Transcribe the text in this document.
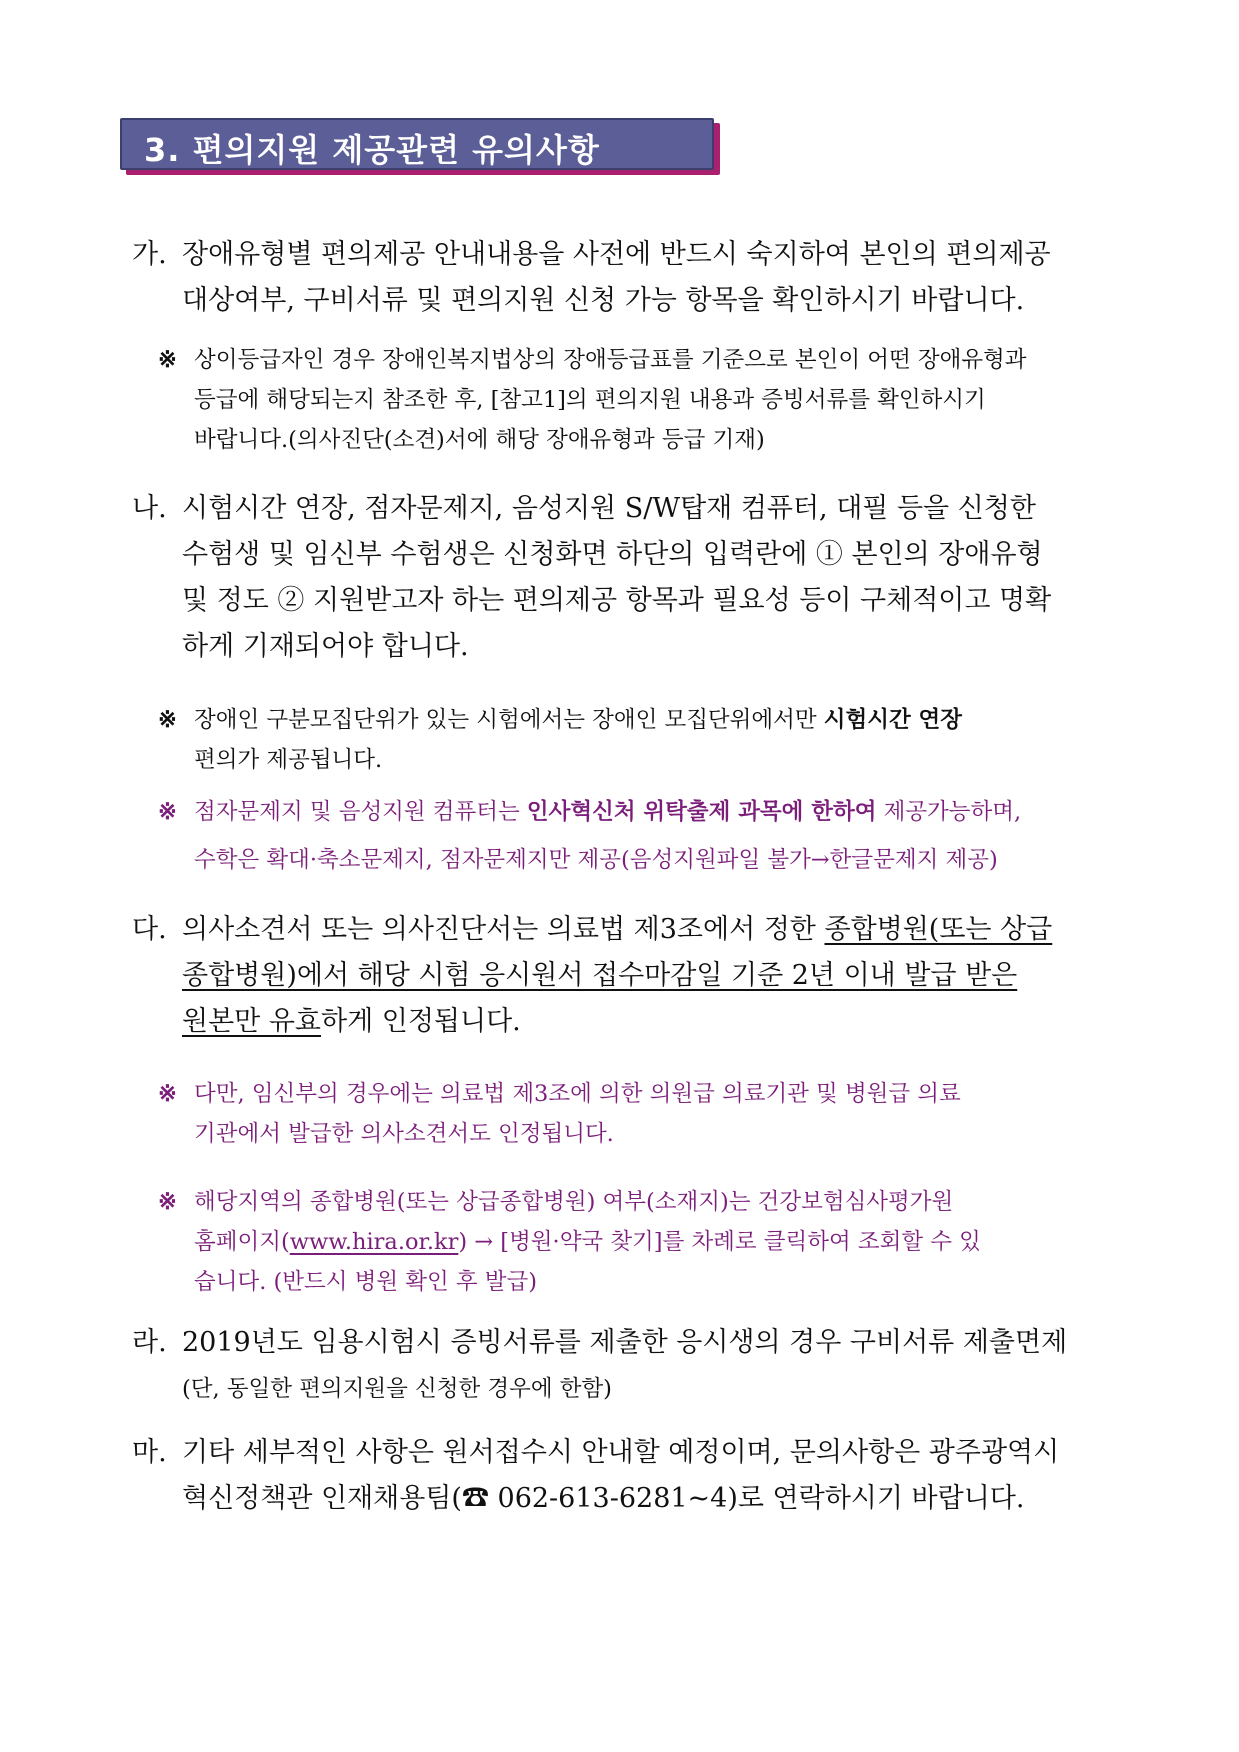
3. 편의지원 제공관련 유의사항
가. 장애유형별 편의제공 안내내용을 사전에 반드시 숙지하여 본인의 편의제공
대상여부, 구비서류 및 편의지원 신청 가능 항목을 확인하시기 바랍니다.
※ 상이등급자인 경우 장애인복지법상의 장애등급표를 기준으로 본인이 어떤 장애유형과
등급에 해당되는지 참조한 후, [참고1]의 편의지원 내용과 증빙서류를 확인하시기
바랍니다.(의사진단(소견)서에 해당 장애유형과 등급 기재)
나. 시험시간 연장, 점자문제지, 음성지원 S/W탑재 컴퓨터, 대필 등을 신청한
수험생 및 임신부 수험생은 신청화면 하단의 입력란에 ① 본인의 장애유형
및 정도 ② 지원받고자 하는 편의제공 항목과 필요성 등이 구체적이고 명확
하게 기재되어야 합니다.
※ 장애인 구분모집단위가 있는 시험에서는 장애인 모집단위에서만 시험시간 연장
편의가 제공됩니다.
※ 점자문제지 및 음성지원 컴퓨터는 인사혁신처 위탁출제 과목에 한하여 제공가능하며,
수학은 확대·축소문제지, 점자문제지만 제공(음성지원파일 불가→한글문제지 제공)
다. 의사소견서 또는 의사진단서는 의료법 제3조에서 정한 종합병원(또는 상급
종합병원)에서 해당 시험 응시원서 접수마감일 기준 2년 이내 발급 받은
원본만 유효하게 인정됩니다.
※ 다만, 임신부의 경우에는 의료법 제3조에 의한 의원급 의료기관 및 병원급 의료
기관에서 발급한 의사소견서도 인정됩니다.
※ 해당지역의 종합병원(또는 상급종합병원) 여부(소재지)는 건강보험심사평가원
홈페이지(www.hira.or.kr) → [병원·약국 찾기]를 차례로 클릭하여 조회할 수 있
습니다. (반드시 병원 확인 후 발급)
라. 2019년도 임용시험시 증빙서류를 제출한 응시생의 경우 구비서류 제출면제
(단, 동일한 편의지원을 신청한 경우에 한함)
마. 기타 세부적인 사항은 원서접수시 안내할 예정이며, 문의사항은 광주광역시
혁신정책관 인재채용팀(☎ 062-613-6281~4)로 연락하시기 바랍니다.
